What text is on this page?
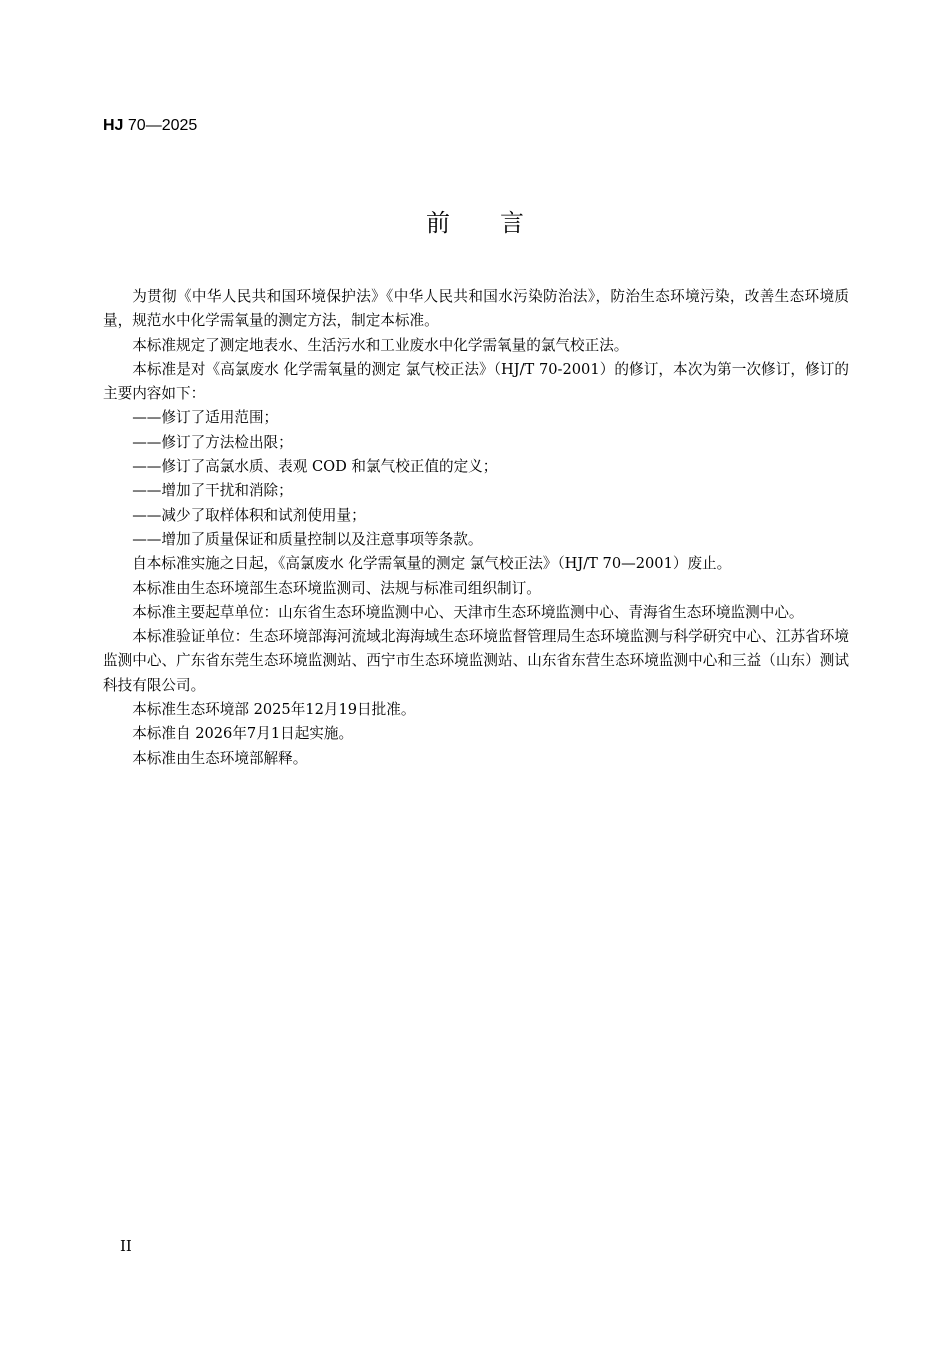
HJ 70—2025
前言

为贯彻《中华人民共和国环境保护法》《中华人民共和国水污染防治法》，防治生态环境污染，改善生态环境质量，规范水中化学需氧量的测定方法，制定本标准。

本标准规定了测定地表水、生活污水和工业废水中化学需氧量的氯气校正法。

本标准是对《高氯废水 化学需氧量的测定 氯气校正法》（HJ/T 70-2001）的修订，本次为第一次修订，修订的主要内容如下：

——修订了适用范围；

——修订了方法检出限；

——修订了高氯水质、表观 COD 和氯气校正值的定义；

——增加了干扰和消除；

——减少了取样体积和试剂使用量；

——增加了质量保证和质量控制以及注意事项等条款。

自本标准实施之日起，《高氯废水 化学需氧量的测定 氯气校正法》（HJ/T 70—2001）废止。

本标准由生态环境部生态环境监测司、法规与标准司组织制订。

本标准主要起草单位：山东省生态环境监测中心、天津市生态环境监测中心、青海省生态环境监测中心。

本标准验证单位：生态环境部海河流域北海海域生态环境监督管理局生态环境监测与科学研究中心、江苏省环境监测中心、广东省东莞生态环境监测站、西宁市生态环境监测站、山东省东营生态环境监测中心和三益（山东）测试科技有限公司。

本标准生态环境部 2025年12月19日批准。

本标准自 2026年7月1日起实施。

本标准由生态环境部解释。

II
